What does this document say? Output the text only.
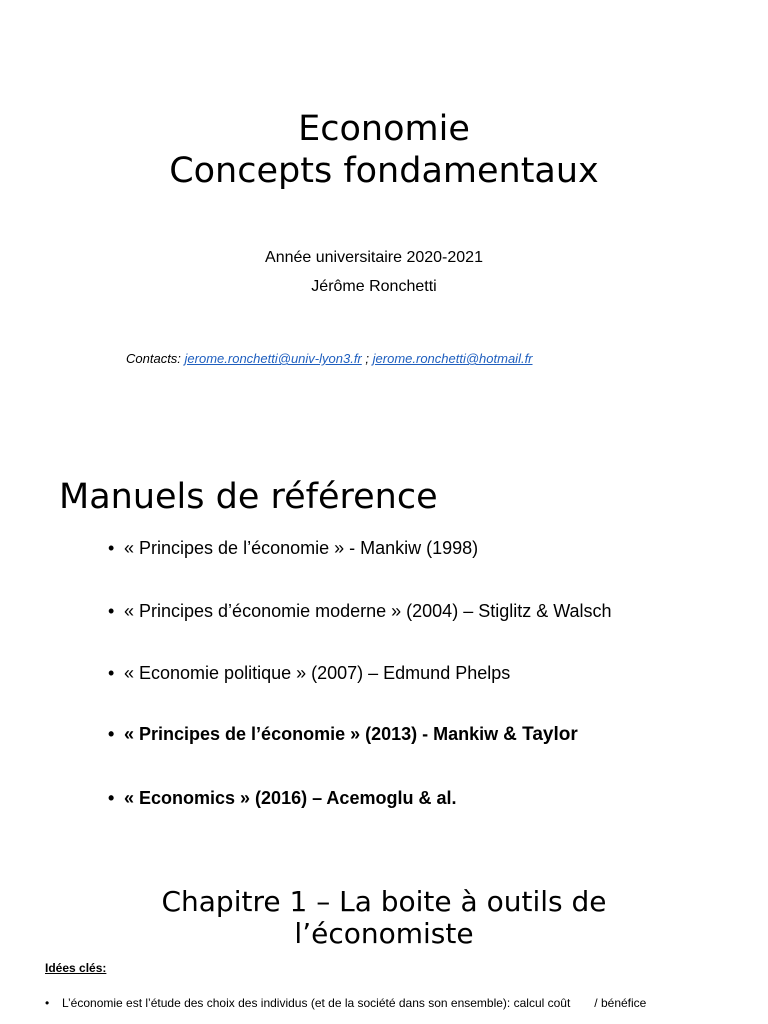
Economie
Concepts fondamentaux
Année universitaire 2020-2021
Jérôme Ronchetti
Contacts: jerome.ronchetti@univ-lyon3.fr ; jerome.ronchetti@hotmail.fr
Manuels de référence
• « Principes de l’économie » - Mankiw (1998)
• « Principes d’économie moderne » (2004) – Stiglitz & Walsch
• « Economie politique » (2007) – Edmund Phelps
• « Principes de l’économie » (2013) - Mankiw & Taylor
• « Economics » (2016) – Acemoglu & al.
Chapitre 1 – La boite à outils de
l’économiste
Idées clés:
• L’économie est l’étude des choix des individus (et de la société dans son ensemble): calcul coût / bénéfice
